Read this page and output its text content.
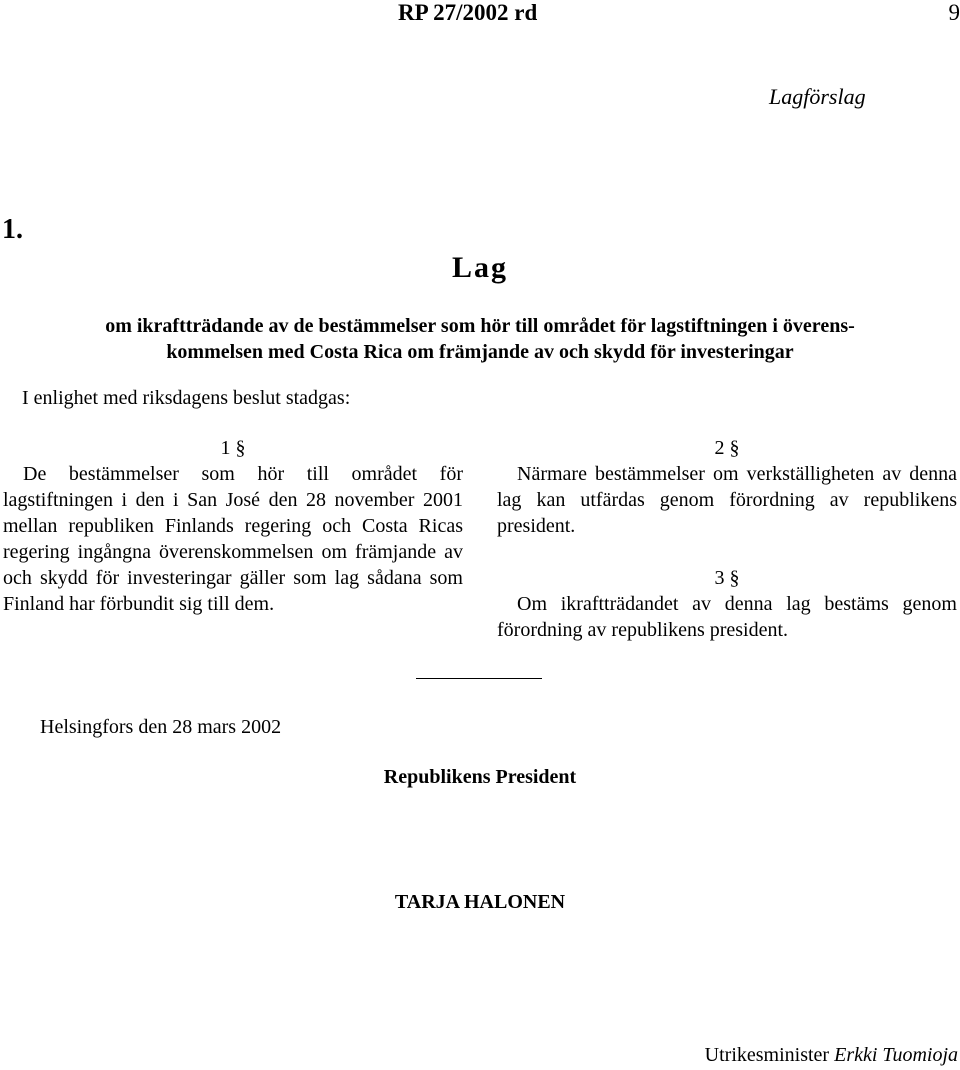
RP 27/2002 rd	9
Lagförslag
1.
Lag
om ikraftträdande av de bestämmelser som hör till området för lagstiftningen i överens-
kommelsen med Costa Rica om främjande av och skydd för investeringar
I enlighet med riksdagens beslut stadgas:
1 §
De bestämmelser som hör till området för lagstiftningen i den i San José den 28 november 2001 mellan republiken Finlands regering och Costa Ricas regering ingångna överenskommelsen om främjande av och skydd för investeringar gäller som lag sådana som Finland har förbundit sig till dem.
2 §
Närmare bestämmelser om verkställigheten av denna lag kan utfärdas genom förordning av republikens president.
3 §
Om ikraftträdandet av denna lag bestäms genom förordning av republikens president.
Helsingfors den 28 mars 2002
Republikens President
TARJA HALONEN
Utrikesminister Erkki Tuomioja
